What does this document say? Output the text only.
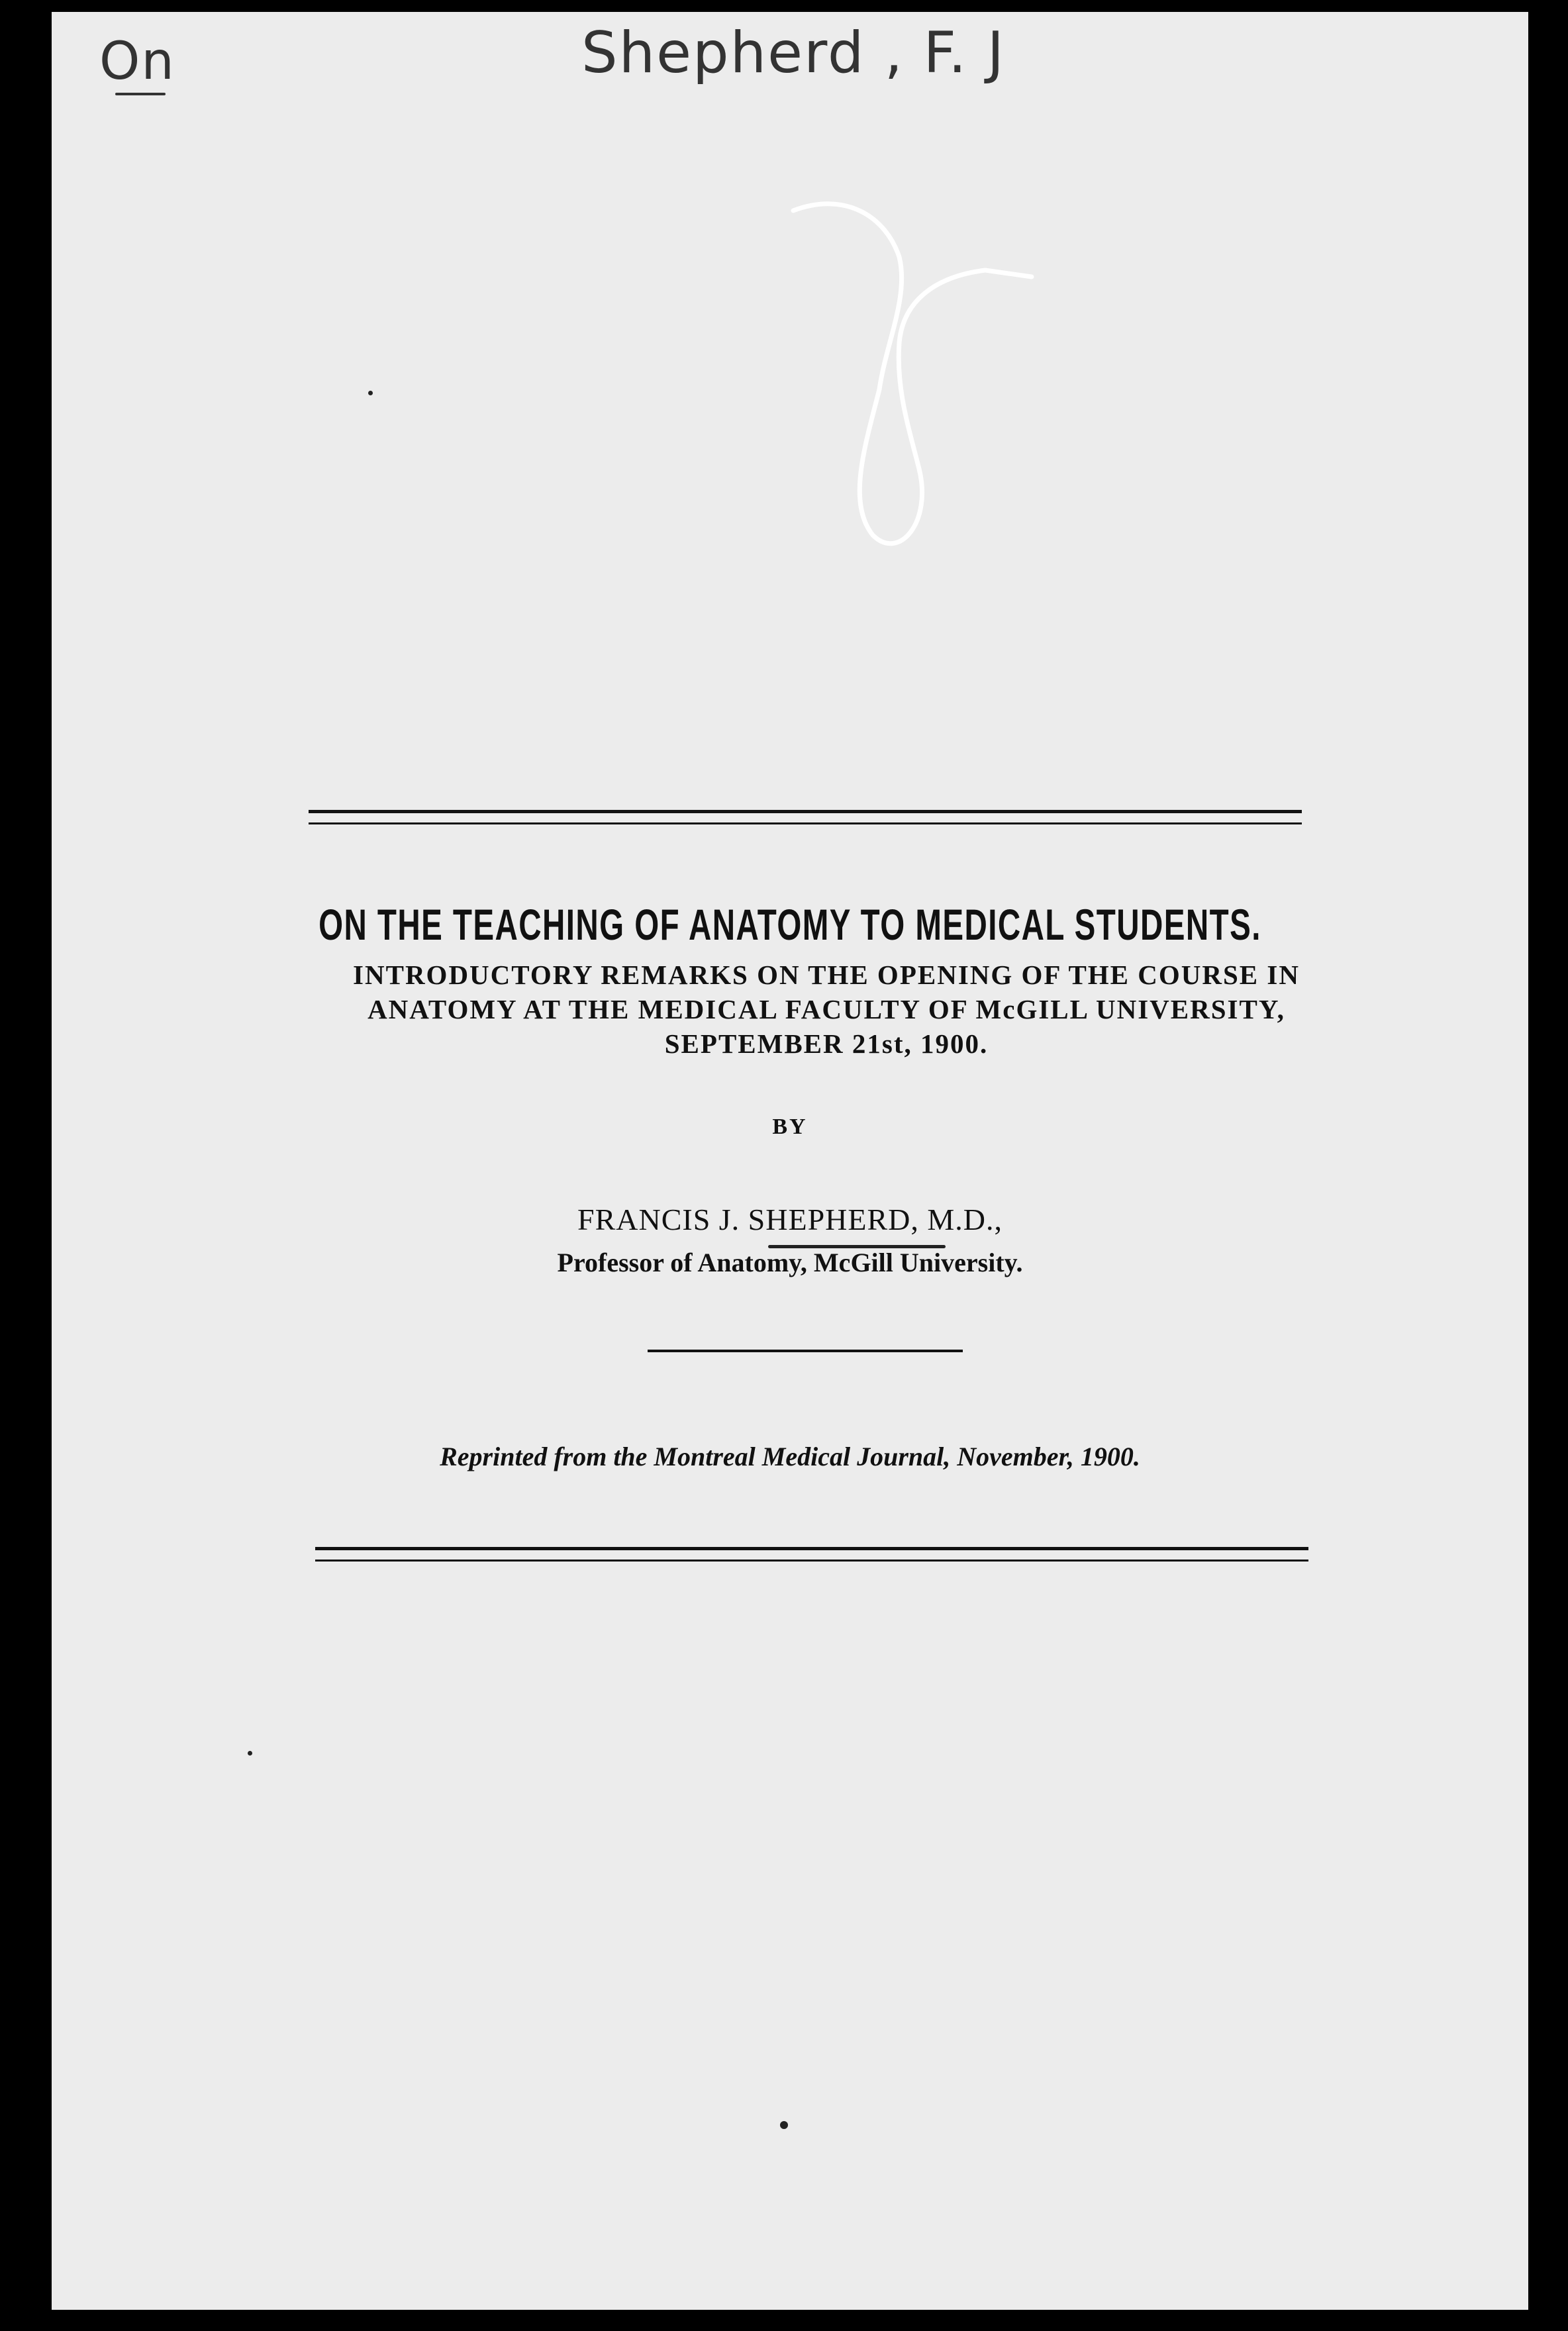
On	Shepherd , F. J
ON THE TEACHING OF ANATOMY TO MEDICAL STUDENTS.
INTRODUCTORY REMARKS ON THE OPENING OF THE COURSE IN ANATOMY AT THE MEDICAL FACULTY OF McGILL UNIVERSITY, SEPTEMBER 21st, 1900.
BY
FRANCIS J. SHEPHERD, M.D.,
Professor of Anatomy, McGill University.
Reprinted from the Montreal Medical Journal, November, 1900.
